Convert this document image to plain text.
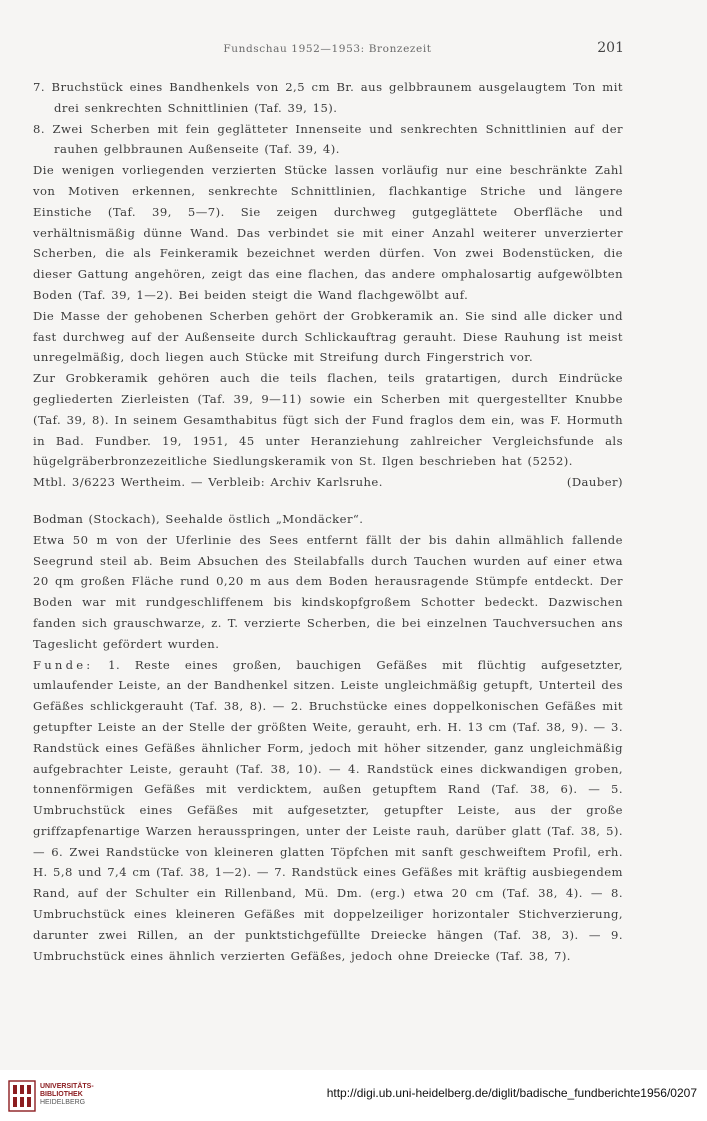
Fundschau 1952—1953: Bronzezeit	201

7. Bruchstück eines Bandhenkels von 2,5 cm Br. aus gelbbraunem ausgelaugtem Ton mit drei senkrechten Schnittlinien (Taf. 39, 15).

8. Zwei Scherben mit fein geglätteter Innenseite und senkrechten Schnittlinien auf der rauhen gelbbraunen Außenseite (Taf. 39, 4).

Die wenigen vorliegenden verzierten Stücke lassen vorläufig nur eine beschränkte Zahl von Motiven erkennen, senkrechte Schnittlinien, flachkantige Striche und längere Einstiche (Taf. 39, 5—7). Sie zeigen durchweg gutgeglättete Oberfläche und verhältnismäßig dünne Wand. Das verbindet sie mit einer Anzahl weiterer unverzierter Scherben, die als Feinkeramik bezeichnet werden dürfen. Von zwei Bodenstücken, die dieser Gattung angehören, zeigt das eine flachen, das andere omphalosartig aufgewölbten Boden (Taf. 39, 1—2). Bei beiden steigt die Wand flachgewölbt auf.

Die Masse der gehobenen Scherben gehört der Grobkeramik an. Sie sind alle dicker und fast durchweg auf der Außenseite durch Schlickauftrag gerauht. Diese Rauhung ist meist unregelmäßig, doch liegen auch Stücke mit Streifung durch Fingerstrich vor.

Zur Grobkeramik gehören auch die teils flachen, teils gratartigen, durch Eindrücke gegliederten Zierleisten (Taf. 39, 9—11) sowie ein Scherben mit quergestellter Knubbe (Taf. 39, 8). In seinem Gesamthabitus fügt sich der Fund fraglos dem ein, was F. Hormuth in Bad. Fundber. 19, 1951, 45 unter Heranziehung zahlreicher Vergleichsfunde als hügelgräberbronzezeitliche Siedlungskeramik von St. Ilgen beschrieben hat (5252).

Mtbl. 3/6223 Wertheim. — Verbleib: Archiv Karlsruhe.	(Dauber)

Bodman (Stockach), Seehalde östlich „Mondäcker“.

Etwa 50 m von der Uferlinie des Sees entfernt fällt der bis dahin allmählich fallende Seegrund steil ab. Beim Absuchen des Steilabfalls durch Tauchen wurden auf einer etwa 20 qm großen Fläche rund 0,20 m aus dem Boden herausragende Stümpfe entdeckt. Der Boden war mit rundgeschliffenem bis kindskopfgroßem Schotter bedeckt. Dazwischen fanden sich grauschwarze, z. T. verzierte Scherben, die bei einzelnen Tauchversuchen ans Tageslicht gefördert wurden.

Funde: 1. Reste eines großen, bauchigen Gefäßes mit flüchtig aufgesetzter, umlaufender Leiste, an der Bandhenkel sitzen. Leiste ungleichmäßig getupft, Unterteil des Gefäßes schlickgerauht (Taf. 38, 8). — 2. Bruchstücke eines doppelkonischen Gefäßes mit getupfter Leiste an der Stelle der größten Weite, gerauht, erh. H. 13 cm (Taf. 38, 9). — 3. Randstück eines Gefäßes ähnlicher Form, jedoch mit höher sitzender, ganz ungleichmäßig aufgebrachter Leiste, gerauht (Taf. 38, 10). — 4. Randstück eines dickwandigen groben, tonnenförmigen Gefäßes mit verdicktem, außen getupftem Rand (Taf. 38, 6). — 5. Umbruchstück eines Gefäßes mit aufgesetzter, getupfter Leiste, aus der große griffzapfenartige Warzen herausspringen, unter der Leiste rauh, darüber glatt (Taf. 38, 5). — 6. Zwei Randstücke von kleineren glatten Töpfchen mit sanft geschweiftem Profil, erh. H. 5,8 und 7,4 cm (Taf. 38, 1—2). — 7. Randstück eines Gefäßes mit kräftig ausbiegendem Rand, auf der Schulter ein Rillenband, Mü. Dm. (erg.) etwa 20 cm (Taf. 38, 4). — 8. Umbruchstück eines kleineren Gefäßes mit doppelzeiliger horizontaler Stichverzierung, darunter zwei Rillen, an der punktstichgefüllte Dreiecke hängen (Taf. 38, 3). — 9. Umbruchstück eines ähnlich verzierten Gefäßes, jedoch ohne Dreiecke (Taf. 38, 7).

UNIVERSITÄTS-
BIBLIOTHEK
HEIDELBERG
http://digi.ub.uni-heidelberg.de/diglit/badische_fundberichte1956/0207
